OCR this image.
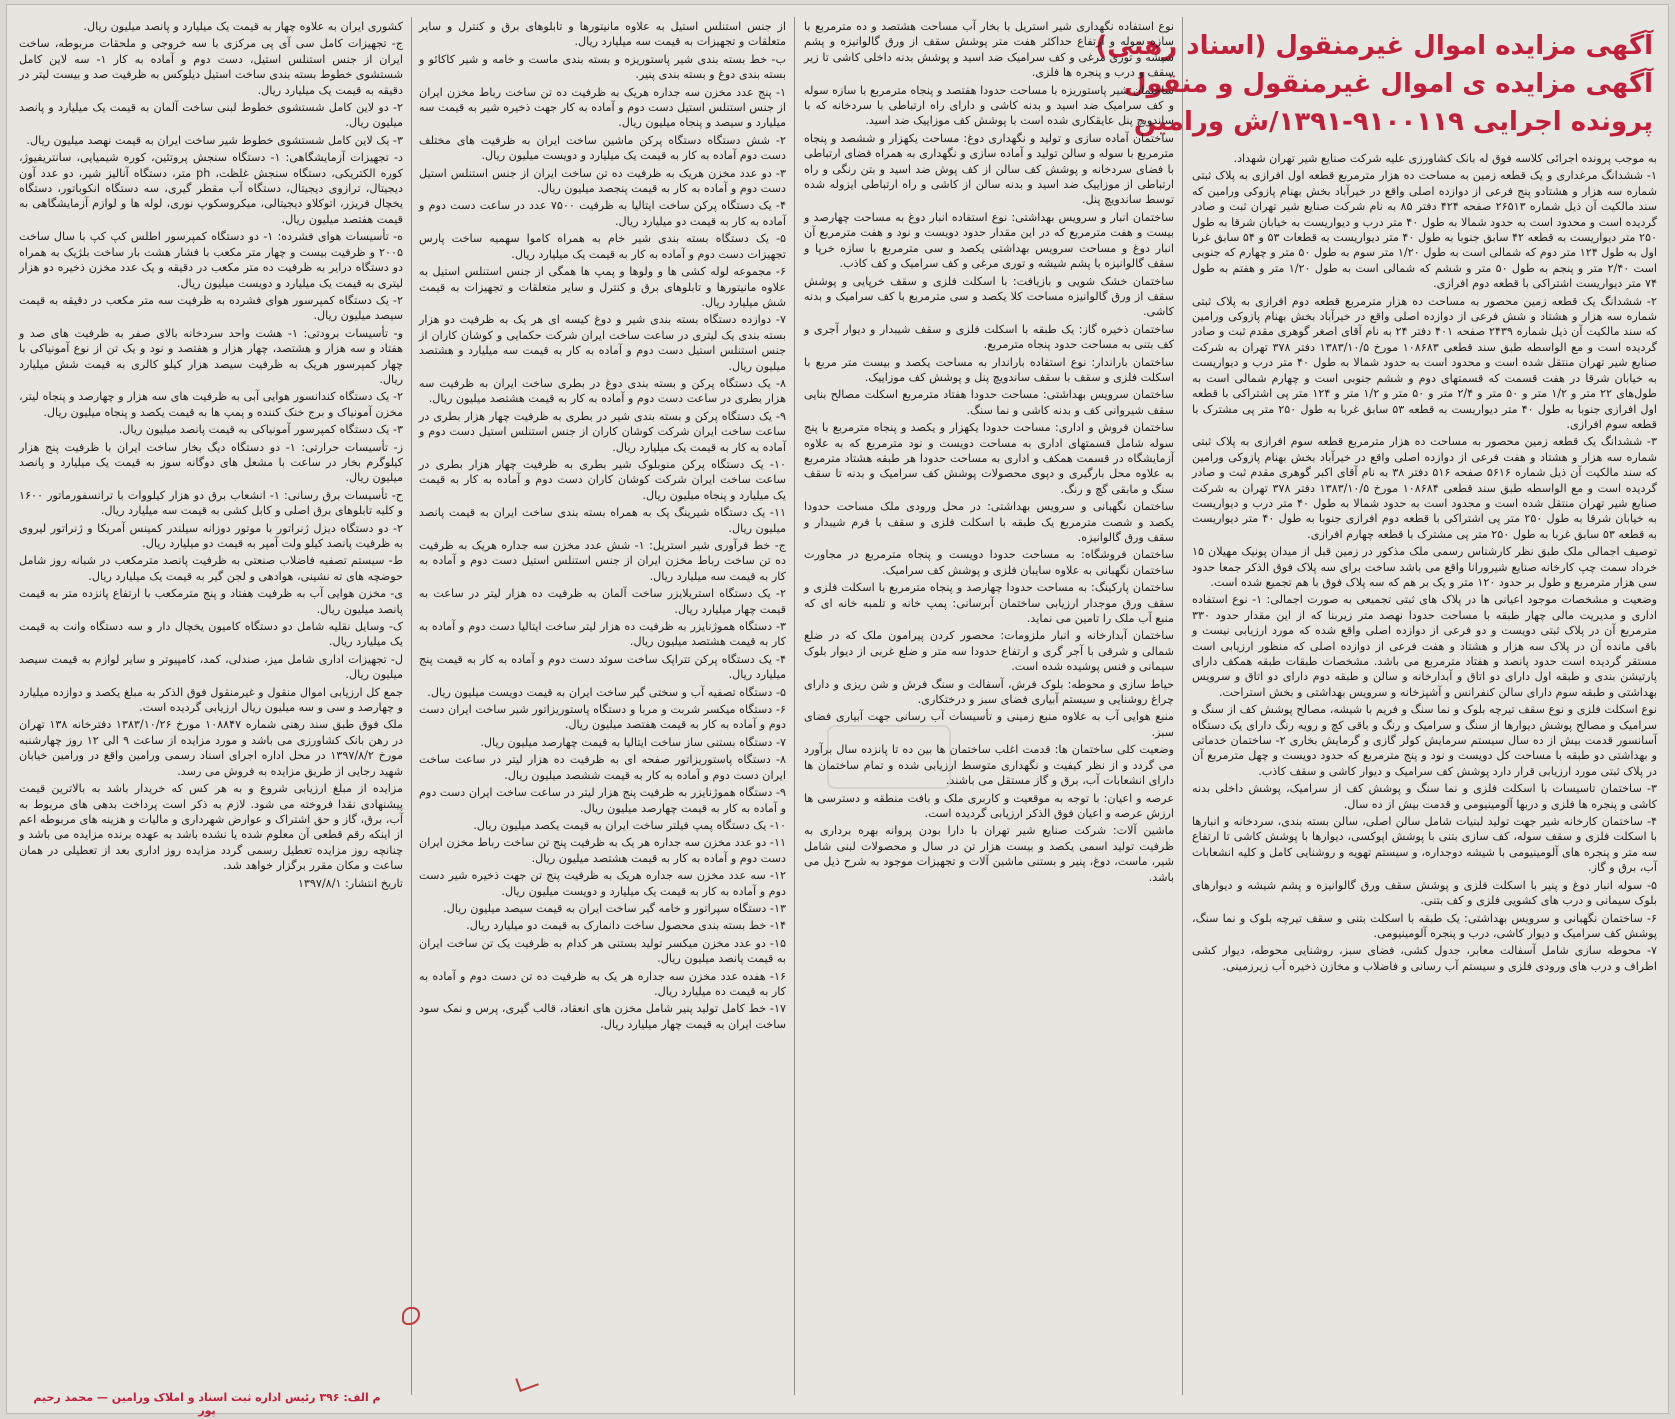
آگهی مزایده اموال غیرمنقول (اسناد رهنی)
آگهی مزایده ی اموال غیرمنقول و منقول
پرونده اجرایی ۹۱۰۰۱۱۹-۱۳۹۱/ش ورامین

به موجب پرونده اجرائی کلاسه فوق له بانک کشاورزی علیه شرکت صنایع شیر تهران شهداد.

۱- ششدانگ مرغداری و یک قطعه زمین به مساحت ده هزار مترمربع قطعه اول افرازی به پلاک ثبتی شماره سه هزار و هشتادو پنج فرعی از دوازده اصلی واقع در خیرآباد بخش بهنام پازوکی ورامین که سند مالکیت آن ذیل شماره ۲۶۵۱۳ صفحه ۴۲۴ دفتر ۸۵ به نام شرکت صنایع شیر تهران ثبت و صادر گردیده است و محدود است به حدود شمالا به طول ۴۰ متر درب و دیواریست به خیابان شرقا به طول ۲۵۰ متر دیواریست به قطعه ۴۲ سابق جنوبا به طول ۴۰ متر دیواریست به قطعات ۵۳ و ۵۴ سابق غربا اول به طول ۱۲۴ متر دوم که شمالی است به طول ۱/۲۰ متر سوم به طول ۵۰ متر و چهارم که جنوبی است ۲/۴۰ متر و پنجم به طول ۵۰ متر و ششم که شمالی است به طول ۱/۲۰ متر و هفتم به طول ۷۴ متر دیواریست اشتراکی با قطعه دوم افرازی.

۲- ششدانگ یک قطعه زمین محصور به مساحت ده هزار مترمربع قطعه دوم افرازی به پلاک ثبتی شماره سه هزار و هشتاد و شش فرعی از دوازده اصلی واقع در خیرآباد بخش بهنام پازوکی ورامین که سند مالکیت آن ذیل شماره ۲۴۳۹ صفحه ۴۰۱ دفتر ۲۴ به نام آقای اصغر گوهری مقدم ثبت و صادر گردیده است و مع الواسطه طبق سند قطعی ۱۰۸۶۸۳ مورخ ۱۳۸۳/۱۰/۵ دفتر ۳۷۸ تهران به شرکت صنایع شیر تهران منتقل شده است و محدود است به حدود شمالا به طول ۴۰ متر درب و دیواریست به خیابان شرقا در هفت قسمت که قسمتهای دوم و ششم جنوبی است و چهارم شمالی است به طول‌های ۲۲ متر و ۱/۲ متر و ۵۰ متر و ۲/۴ متر و ۵۰ متر و ۱/۲ متر و ۱۲۴ متر پی اشتراکی با قطعه اول افرازی جنوبا به طول ۴۰ متر دیواریست به قطعه ۵۳ سابق غربا به طول ۲۵۰ متر پی مشترک با قطعه سوم افرازی.

۳- ششدانگ یک قطعه زمین محصور به مساحت ده هزار مترمربع قطعه سوم افرازی به پلاک ثبتی شماره سه هزار و هشتاد و هفت فرعی از دوازده اصلی واقع در خیرآباد بخش بهنام پازوکی ورامین که سند مالکیت آن ذیل شماره ۵۶۱۶ صفحه ۵۱۶ دفتر ۳۸ به نام آقای اکبر گوهری مقدم ثبت و صادر گردیده است و مع الواسطه طبق سند قطعی ۱۰۸۶۸۴ مورخ ۱۳۸۳/۱۰/۵ دفتر ۳۷۸ تهران به شرکت صنایع شیر تهران منتقل شده است و محدود است به حدود شمالا به طول ۴۰ متر درب و دیواریست به خیابان شرقا به طول ۲۵۰ متر پی اشتراکی با قطعه دوم افرازی جنوبا به طول ۴۰ متر دیواریست به قطعه ۵۳ سابق غربا به طول ۲۵۰ متر پی مشترک با قطعه چهارم افرازی.

توصیف اجمالی ملک طبق نظر کارشناس رسمی ملک مذکور در زمین قبل از میدان پونیک مهیلان ۱۵ خرداد سمت چپ کارخانه صنایع شیرورانا واقع می باشد ساخت برای سه پلاک فوق الذکر جمعا حدود سی هزار مترمربع و طول بر حدود ۱۲۰ متر و یک بر هم که سه پلاک فوق با هم تجمیع شده است.

وضعیت و مشخصات موجود اعیانی ها در پلاک های ثبتی تجمیعی به صورت اجمالی: ۱- نوع استفاده اداری و مدیریت مالی چهار طبقه با مساحت حدودا نهصد متر زیربنا که از این مقدار حدود ۳۳۰ مترمربع آن در پلاک ثبتی دویست و دو فرعی از دوازده اصلی واقع شده که مورد ارزیابی نیست و باقی مانده آن در پلاک سه هزار و هشتاد و هفت فرعی از دوازده اصلی که منظور ارزیابی است مستقر گردیده است حدود پانصد و هفتاد مترمربع می باشد. مشخصات طبقات طبقه همکف دارای پارتیشن بندی و طبقه اول دارای دو اتاق و آبدارخانه و سالن و طبقه دوم دارای دو اتاق و سرویس بهداشتی و طبقه سوم دارای سالن کنفرانس و آشپزخانه و سرویس بهداشتی و بخش استراحت.

نوع اسکلت فلزی و نوع سقف تیرچه بلوک و نما سنگ و فریم با شیشه، مصالح پوشش کف از سنگ و سرامیک و مصالح پوشش دیوارها از سنگ و سرامیک و رنگ و باقی کچ و رویه رنگ دارای یک دستگاه آسانسور قدمت بیش از ده سال سیستم سرمایش کولر گازی و گرمایش بخاری ۲- ساختمان خدماتی و بهداشتی دو طبقه با مساحت کل دویست و نود و پنج مترمربع که حدود دویست و چهل مترمربع آن در پلاک ثبتی مورد ارزیابی قرار دارد پوشش کف سرامیک و دیوار کاشی و سقف کاذب.

۳- ساختمان تاسیسات با اسکلت فلزی و نما سنگ و پوشش کف از سرامیک، پوشش داخلی بدنه کاشی و پنجره ها فلزی و دربها آلومینیومی و قدمت بیش از ده سال.

۴- ساختمان کارخانه شیر جهت تولید لبنیات شامل سالن اصلی، سالن بسته بندی، سردخانه و انبارها با اسکلت فلزی و سقف سوله، کف سازی بتنی با پوشش اپوکسی، دیوارها با پوشش کاشی تا ارتفاع سه متر و پنجره های آلومینیومی با شیشه دوجداره، و سیستم تهویه و روشنایی کامل و کلیه انشعابات آب، برق و گاز.

۵- سوله انبار دوغ و پنیر با اسکلت فلزی و پوشش سقف ورق گالوانیزه و پشم شیشه و دیوارهای بلوک سیمانی و درب های کشویی فلزی و کف بتنی.

۶- ساختمان نگهبانی و سرویس بهداشتی: یک طبقه با اسکلت بتنی و سقف تیرچه بلوک و نما سنگ، پوشش کف سرامیک و دیوار کاشی، درب و پنجره آلومینیومی.

۷- محوطه سازی شامل آسفالت معابر، جدول کشی، فضای سبز، روشنایی محوطه، دیوار کشی اطراف و درب های ورودی فلزی و سیستم آب رسانی و فاضلاب و مخازن ذخیره آب زیرزمینی.

نوع استفاده نگهداری شیر استریل با بخار آب مساحت هشتصد و ده مترمربع با سازه سوله و ارتفاع حداکثر هفت متر پوشش سقف از ورق گالوانیزه و پشم شیشه و توری مرغی و کف سرامیک ضد اسید و پوشش بدنه داخلی کاشی تا زیر سقف و درب و پنجره ها فلزی.

ساختمان شیر پاستوریزه با مساحت حدودا هفتصد و پنجاه مترمربع با سازه سوله و کف سرامیک ضد اسید و بدنه کاشی و دارای راه ارتباطی با سردخانه که با ساندویچ پنل عایقکاری شده است با پوشش کف موزاییک ضد اسید.

ساختمان آماده سازی و تولید و نگهداری دوغ: مساحت یکهزار و ششصد و پنجاه مترمربع با سوله و سالن تولید و آماده سازی و نگهداری به همراه فضای ارتباطی با فضای سردخانه و پوشش کف سالن از کف پوش ضد اسید و بتن رنگی و راه ارتباطی از موزاییک ضد اسید و بدنه سالن از کاشی و راه ارتباطی ایزوله شده توسط ساندویچ پنل.

ساختمان انبار و سرویس بهداشتی: نوع استفاده انبار دوغ به مساحت چهارصد و بیست و هفت مترمربع که در این مقدار حدود دویست و نود و هفت مترمربع آن انبار دوغ و مساحت سرویس بهداشتی یکصد و سی مترمربع با سازه خرپا و سقف گالوانیزه با پشم شیشه و توری مرغی و کف سرامیک و کف کاذب.

ساختمان خشک شویی و بازیافت: با اسکلت فلزی و سقف خرپایی و پوشش سقف از ورق گالوانیزه مساحت کلا یکصد و سی مترمربع با کف سرامیک و بدنه کاشی.

ساختمان ذخیره گاز: یک طبقه با اسکلت فلزی و سقف شیبدار و دیوار آجری و کف بتنی به مساحت حدود پنجاه مترمربع.

ساختمان باراندار: نوع استفاده باراندار به مساحت یکصد و بیست متر مربع با اسکلت فلزی و سقف با سقف ساندویچ پنل و پوشش کف موزاییک.

ساختمان سرویس بهداشتی: مساحت حدودا هفتاد مترمربع اسکلت مصالح بنایی سقف شیروانی کف و بدنه کاشی و نما سنگ.

ساختمان فروش و اداری: مساحت حدودا یکهزار و یکصد و پنجاه مترمربع با پنج سوله شامل قسمتهای اداری به مساحت دویست و نود مترمربع که به علاوه آزمایشگاه در قسمت همکف و اداری به مساحت حدودا هر طبقه هشتاد مترمربع به علاوه محل بارگیری و دپوی محصولات پوشش کف سرامیک و بدنه تا سقف سنگ و مابقی گچ و رنگ.

ساختمان نگهبانی و سرویس بهداشتی: در محل ورودی ملک مساحت حدودا یکصد و شصت مترمربع یک طبقه با اسکلت فلزی و سقف با فرم شیبدار و سقف ورق گالوانیزه.

ساختمان فروشگاه: به مساحت حدودا دویست و پنجاه مترمربع در مجاورت ساختمان نگهبانی به علاوه سایبان فلزی و پوشش کف سرامیک.

ساختمان پارکینگ: به مساحت حدودا چهارصد و پنجاه مترمربع با اسکلت فلزی و سقف ورق موجدار ارزیابی ساختمان آبرسانی: پمپ خانه و تلمبه خانه ای که منبع آب ملک را تامین می نماید.

ساختمان آبدارخانه و انبار ملزومات: محصور کردن پیرامون ملک که در ضلع شمالی و شرقی با آجر گری و ارتفاع حدودا سه متر و ضلع غربی از دیوار بلوک سیمانی و فنس پوشیده شده است.

حیاط سازی و محوطه: بلوک فرش، آسفالت و سنگ فرش و شن ریزی و دارای چراغ روشنایی و سیستم آبیاری فضای سبز و درختکاری.

منبع هوایی آب به علاوه منبع زمینی و تأسیسات آب رسانی جهت آبیاری فضای سبز.

وضعیت کلی ساختمان ها: قدمت اغلب ساختمان ها بین ده تا پانزده سال برآورد می گردد و از نظر کیفیت و نگهداری متوسط ارزیابی شده و تمام ساختمان ها دارای انشعابات آب، برق و گاز مستقل می باشند.

عرصه و اعیان: با توجه به موقعیت و کاربری ملک و بافت منطقه و دسترسی ها ارزش عرصه و اعیان فوق الذکر ارزیابی گردیده است.

ماشین آلات: شرکت صنایع شیر تهران با دارا بودن پروانه بهره برداری به ظرفیت تولید اسمی یکصد و بیست هزار تن در سال و محصولات لبنی شامل شیر، ماست، دوغ، پنیر و بستنی ماشین آلات و تجهیزات موجود به شرح ذیل می باشد.

از جنس استنلس استیل به علاوه مانیتورها و تابلوهای برق و کنترل و سایر متعلقات و تجهیزات به قیمت سه میلیارد ریال.

ب- خط بسته بندی شیر پاستوریزه و بسته بندی ماست و خامه و شیر کاکائو و بسته بندی دوغ و بسته بندی پنیر.

۱- پنج عدد مخزن سه جداره هریک به ظرفیت ده تن ساخت رباط مخزن ایران از جنس استنلس استیل دست دوم و آماده به کار جهت ذخیره شیر به قیمت سه میلیارد و سیصد و پنجاه میلیون ریال.

۲- شش دستگاه دستگاه پرکن ماشین ساخت ایران به ظرفیت های مختلف دست دوم آماده به کار به قیمت یک میلیارد و دویست میلیون ریال.

۳- دو عدد مخزن هریک به ظرفیت ده تن ساخت ایران از جنس استنلس استیل دست دوم و آماده به کار به قیمت پنجصد میلیون ریال.

۴- یک دستگاه پرکن ساخت ایتالیا به ظرفیت ۷۵۰۰ عدد در ساعت دست دوم و آماده به کار به قیمت دو میلیارد ریال.

۵- یک دستگاه بسته بندی شیر خام به همراه کاموا سهمیه ساخت پارس تجهیزات دست دوم و آماده به کار به قیمت یک میلیارد ریال.

۶- مجموعه لوله کشی ها و ولوها و پمپ ها همگی از جنس استنلس استیل به علاوه مانیتورها و تابلوهای برق و کنترل و سایر متعلقات و تجهیزات به قیمت شش میلیارد ریال.

۷- دوازده دستگاه بسته بندی شیر و دوغ کیسه ای هر یک به ظرفیت دو هزار بسته بندی یک لیتری در ساعت ساخت ایران شرکت حکمایی و کوشان کاران از جنس استنلس استیل دست دوم و آماده به کار به قیمت سه میلیارد و هشتصد میلیون ریال.

۸- یک دستگاه پرکن و بسته بندی دوغ در بطری ساخت ایران به ظرفیت سه هزار بطری در ساعت دست دوم و آماده به کار به قیمت هشتصد میلیون ریال.

۹- یک دستگاه پرکن و بسته بندی شیر در بطری به ظرفیت چهار هزار بطری در ساعت ساخت ایران شرکت کوشان کاران از جنس استنلس استیل دست دوم و آماده به کار به قیمت یک میلیارد ریال.

۱۰- یک دستگاه پرکن منوبلوک شیر بطری به ظرفیت چهار هزار بطری در ساعت ساخت ایران شرکت کوشان کاران دست دوم و آماده به کار به قیمت یک میلیارد و پنجاه میلیون ریال.

۱۱- یک دستگاه شیرینگ پک به همراه بسته بندی ساخت ایران به قیمت پانصد میلیون ریال.

ج- خط فرآوری شیر استریل: ۱- شش عدد مخزن سه جداره هریک به ظرفیت ده تن ساخت رباط مخزن ایران از جنس استنلس استیل دست دوم و آماده به کار به قیمت سه میلیارد ریال.

۲- یک دستگاه استریلایزر ساخت آلمان به ظرفیت ده هزار لیتر در ساعت به قیمت چهار میلیارد ریال.

۳- دستگاه هموژنایزر به ظرفیت ده هزار لیتر ساخت ایتالیا دست دوم و آماده به کار به قیمت هشتصد میلیون ریال.

۴- یک دستگاه پرکن تتراپک ساخت سوئد دست دوم و آماده به کار به قیمت پنج میلیارد ریال.

۵- دستگاه تصفیه آب و سختی گیر ساخت ایران به قیمت دویست میلیون ریال.

۶- دستگاه میکسر شربت و مربا و دستگاه پاستوریزاتور شیر ساخت ایران دست دوم و آماده به کار به قیمت هفتصد میلیون ریال.

۷- دستگاه بستنی ساز ساخت ایتالیا به قیمت چهارصد میلیون ریال.

۸- دستگاه پاستوریزاتور صفحه ای به ظرفیت ده هزار لیتر در ساعت ساخت ایران دست دوم و آماده به کار به قیمت ششصد میلیون ریال.

۹- دستگاه هموژنایزر به ظرفیت پنج هزار لیتر در ساعت ساخت ایران دست دوم و آماده به کار به قیمت چهارصد میلیون ریال.

۱۰- یک دستگاه پمپ فیلتر ساخت ایران به قیمت یکصد میلیون ریال.

۱۱- دو عدد مخزن سه جداره هر یک به ظرفیت پنج تن ساخت رباط مخزن ایران دست دوم و آماده به کار به قیمت هشتصد میلیون ریال.

۱۲- سه عدد مخزن سه جداره هریک به ظرفیت پنج تن جهت ذخیره شیر دست دوم و آماده به کار به قیمت یک میلیارد و دویست میلیون ریال.

۱۳- دستگاه سپراتور و خامه گیر ساخت ایران به قیمت سیصد میلیون ریال.

۱۴- خط بسته بندی محصول ساخت دانمارک به قیمت دو میلیارد ریال.

۱۵- دو عدد مخزن میکسر تولید بستنی هر کدام به ظرفیت یک تن ساخت ایران به قیمت پانصد میلیون ریال.

۱۶- هفده عدد مخزن سه جداره هر یک به ظرفیت ده تن دست دوم و آماده به کار به قیمت ده میلیارد ریال.

۱۷- خط کامل تولید پنیر شامل مخزن های انعقاد، قالب گیری، پرس و نمک سود ساخت ایران به قیمت چهار میلیارد ریال.

کشوری ایران به علاوه چهار به قیمت یک میلیارد و پانصد میلیون ریال.

ج- تجهیزات کامل سی آی پی مرکزی با سه خروجی و ملحقات مربوطه، ساخت ایران از جنس استنلس استیل، دست دوم و آماده به کار ۱- سه لاین کامل شستشوی خطوط بسته بندی ساخت استیل دیلوکس به ظرفیت صد و بیست لیتر در دقیقه به قیمت یک میلیارد ریال.

۲- دو لاین کامل شستشوی خطوط لبنی ساخت آلمان به قیمت یک میلیارد و پانصد میلیون ریال.

۳- یک لاین کامل شستشوی خطوط شیر ساخت ایران به قیمت نهصد میلیون ریال.

د- تجهیزات آزمایشگاهی: ۱- دستگاه سنجش پروتئین، کوره شیمیایی، سانتریفیوژ، کوره الکتریکی، دستگاه سنجش غلظت، ph متر، دستگاه آنالیز شیر، دو عدد آون دیجیتال، ترازوی دیجیتال، دستگاه آب مقطر گیری، سه دستگاه انکوباتور، دستگاه یخچال فریزر، اتوکلاو دیجیتالی، میکروسکوپ نوری، لوله ها و لوازم آزمایشگاهی به قیمت هفتصد میلیون ریال.

ه- تأسیسات هوای فشرده: ۱- دو دستگاه کمپرسور اطلس کپ کپ با سال ساخت ۲۰۰۵ و ظرفیت بیست و چهار متر مکعب با فشار هشت بار ساخت بلژیک به همراه دو دستگاه درایر به ظرفیت ده متر مکعب در دقیقه و یک عدد مخزن ذخیره دو هزار لیتری به قیمت یک میلیارد و دویست میلیون ریال.

۲- یک دستگاه کمپرسور هوای فشرده به ظرفیت سه متر مکعب در دقیقه به قیمت سیصد میلیون ریال.

و- تأسیسات برودتی: ۱- هشت واحد سردخانه بالای صفر به ظرفیت های صد و هفتاد و سه هزار و هشتصد، چهار هزار و هفتصد و نود و یک تن از نوع آمونیاکی با چهار کمپرسور هریک به ظرفیت سیصد هزار کیلو کالری به قیمت شش میلیارد ریال.

۲- یک دستگاه کندانسور هوایی آبی به ظرفیت های سه هزار و چهارصد و پنجاه لیتر، مخزن آمونیاک و برج خنک کننده و پمپ ها به قیمت یکصد و پنجاه میلیون ریال.

۳- یک دستگاه کمپرسور آمونیاکی به قیمت پانصد میلیون ریال.

ز- تأسیسات حرارتی: ۱- دو دستگاه دیگ بخار ساخت ایران با ظرفیت پنج هزار کیلوگرم بخار در ساعت با مشعل های دوگانه سوز به قیمت یک میلیارد و پانصد میلیون ریال.

ح- تأسیسات برق رسانی: ۱- انشعاب برق دو هزار کیلووات با ترانسفورماتور ۱۶۰۰ و کلیه تابلوهای برق اصلی و کابل کشی به قیمت سه میلیارد ریال.

۲- دو دستگاه دیزل ژنراتور با موتور دوزانه سیلندر کمینس آمریکا و ژنراتور لیروی به ظرفیت پانصد کیلو ولت آمپر به قیمت دو میلیارد ریال.

ط- سیستم تصفیه فاضلاب صنعتی به ظرفیت پانصد مترمکعب در شبانه روز شامل حوضچه های ته نشینی، هوادهی و لجن گیر به قیمت یک میلیارد ریال.

ی- مخزن هوایی آب به ظرفیت هفتاد و پنج مترمکعب با ارتفاع پانزده متر به قیمت پانصد میلیون ریال.

ک- وسایل نقلیه شامل دو دستگاه کامیون یخچال دار و سه دستگاه وانت به قیمت یک میلیارد ریال.

ل- تجهیزات اداری شامل میز، صندلی، کمد، کامپیوتر و سایر لوازم به قیمت سیصد میلیون ریال.

جمع کل ارزیابی اموال منقول و غیرمنقول فوق الذکر به مبلغ یکصد و دوازده میلیارد و چهارصد و سی و سه میلیون ریال ارزیابی گردیده است.

ملک فوق طبق سند رهنی شماره ۱۰۸۸۴۷ مورخ ۱۳۸۳/۱۰/۲۶ دفترخانه ۱۳۸ تهران در رهن بانک کشاورزی می باشد و مورد مزایده از ساعت ۹ الی ۱۲ روز چهارشنبه مورخ ۱۳۹۷/۸/۲ در محل اداره اجرای اسناد رسمی ورامین واقع در ورامین خیابان شهید رجایی از طریق مزایده به فروش می رسد.

مزایده از مبلغ ارزیابی شروع و به هر کس که خریدار باشد به بالاترین قیمت پیشنهادی نقدا فروخته می شود. لازم به ذکر است پرداخت بدهی های مربوط به آب، برق، گاز و حق اشتراک و عوارض شهرداری و مالیات و هزینه های مربوطه اعم از اینکه رقم قطعی آن معلوم شده یا نشده باشد به عهده برنده مزایده می باشد و چنانچه روز مزایده تعطیل رسمی گردد مزایده روز اداری بعد از تعطیلی در همان ساعت و مکان مقرر برگزار خواهد شد.

تاریخ انتشار: ۱۳۹۷/۸/۱

م الف: ۳۹۶ رئیس اداره ثبت اسناد و املاک ورامین — محمد رحیم پور
